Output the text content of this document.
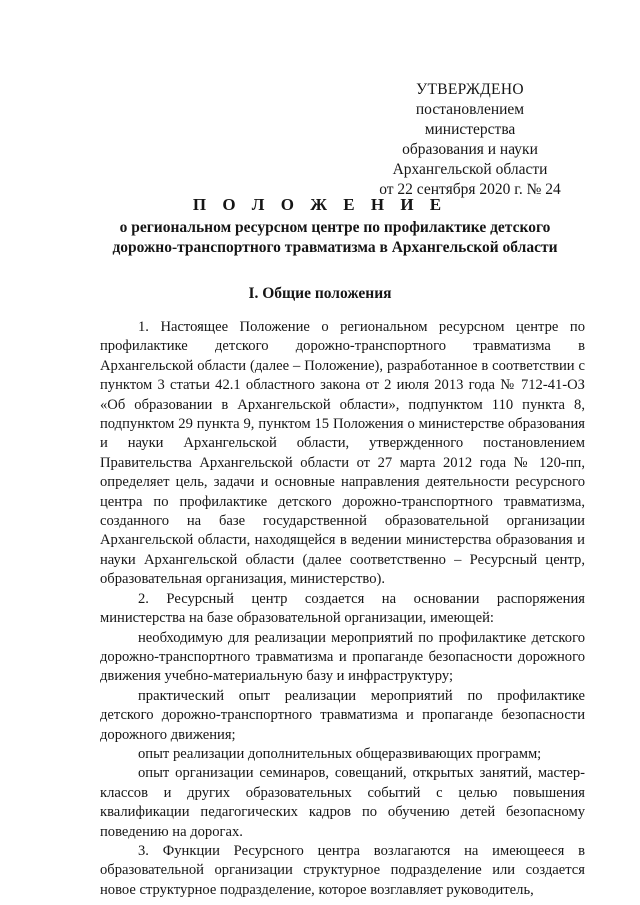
УТВЕРЖДЕНО
постановлением министерства
образования и науки
Архангельской области
от 22 сентября 2020 г. № 24
П О Л О Ж Е Н И Е
о региональном ресурсном центре по профилактике детского дорожно-транспортного травматизма в Архангельской области
I. Общие положения

1. Настоящее Положение о региональном ресурсном центре по профилактике детского дорожно-транспортного травматизма в Архангельской области (далее – Положение), разработанное в соответствии с пунктом 3 статьи 42.1 областного закона от 2 июля 2013 года № 712-41-ОЗ «Об образовании в Архангельской области», подпунктом 110 пункта 8, подпунктом 29 пункта 9, пунктом 15 Положения о министерстве образования и науки Архангельской области, утвержденного постановлением Правительства Архангельской области от 27 марта 2012 года № 120-пп, определяет цель, задачи и основные направления деятельности ресурсного центра по профилактике детского дорожно-транспортного травматизма, созданного на базе государственной образовательной организации Архангельской области, находящейся в ведении министерства образования и науки Архангельской области (далее соответственно – Ресурсный центр, образовательная организация, министерство).

2. Ресурсный центр создается на основании распоряжения министерства на базе образовательной организации, имеющей:

необходимую для реализации мероприятий по профилактике детского дорожно-транспортного травматизма и пропаганде безопасности дорожного движения учебно-материальную базу и инфраструктуру;

практический опыт реализации мероприятий по профилактике детского дорожно-транспортного травматизма и пропаганде безопасности дорожного движения;

опыт реализации дополнительных общеразвивающих программ;

опыт организации семинаров, совещаний, открытых занятий, мастер-классов и других образовательных событий с целью повышения квалификации педагогических кадров по обучению детей безопасному поведению на дорогах.

3. Функции Ресурсного центра возлагаются на имеющееся в образовательной организации структурное подразделение или создается новое структурное подразделение, которое возглавляет руководитель,
